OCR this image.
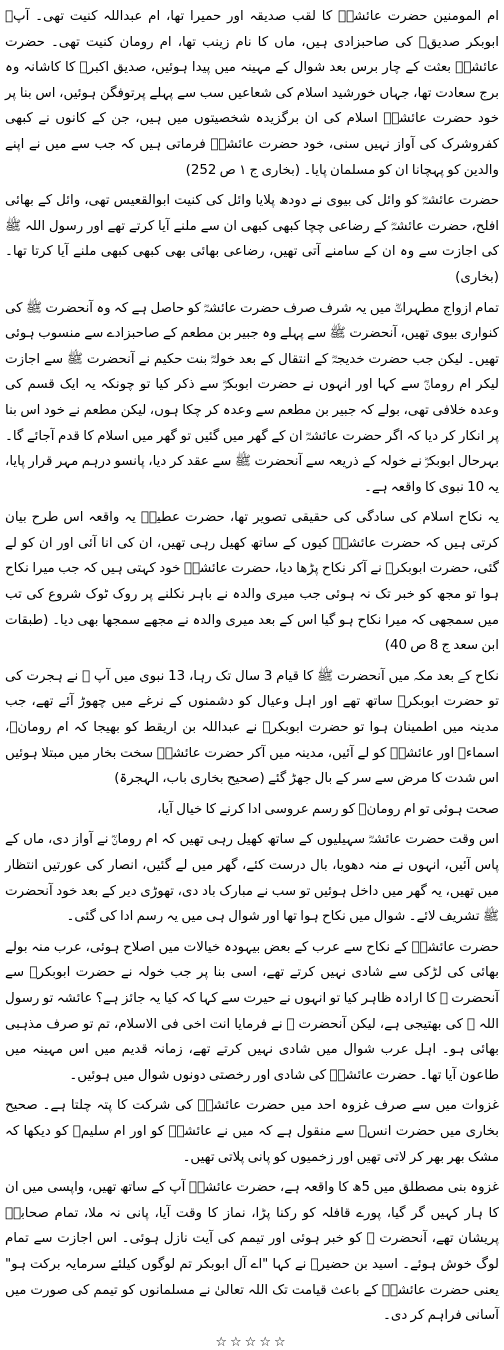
ام المومنین حضرت عائشہؓ کا لقب صدیقہ اور حمیرا تھا، ام عبداللہ کنیت تھی۔ آپؓ ابوبکر صدیقؓ کی صاحبزادی ہیں، ماں کا نام زینب تھا، ام رومان کنیت تھی۔ حضرت عائشہؓ بعثت کے چار برس بعد شوال کے مہینہ میں پیدا ہوئیں، صدیق اکبرؓ کا کاشانہ وہ برج سعادت تھا، جہاں خورشید اسلام کی شعاعیں سب سے پہلے پرتوفگن ہوئیں، اس بنا پر خود حضرت عائشہؓ اسلام کی ان برگزیدہ شخصیتوں میں ہیں، جن کے کانوں نے کبھی کفروشرک کی آواز نہیں سنی، خود حضرت عائشہؓ فرماتی ہیں کہ جب سے میں نے اپنے والدین کو پہچانا ان کو مسلمان پایا۔ (بخاری ج ۱ ص 252)

حضرت عائشہؓ کو وائل کی بیوی نے دودھ پلایا وائل کی کنیت ابوالقعیس تھی، وائل کے بھائی افلح، حضرت عائشہؓ کے رضاعی چچا کبھی کبھی ان سے ملنے آیا کرتے تھے اور رسول اللہ ﷺ کی اجازت سے وہ ان کے سامنے آتی تھیں، رضاعی بھائی بھی کبھی کبھی ملنے آیا کرتا تھا۔ (بخاری)

تمام ازواج مطہراتؓ میں یہ شرف صرف حضرت عائشہؓ کو حاصل ہے کہ وہ آنحضرت ﷺ کی کنواری بیوی تھیں، آنحضرت ﷺ سے پہلے وہ جبیر بن مطعم کے صاحبزادے سے منسوب ہوئی تھیں۔ لیکن جب حضرت خدیجہؓ کے انتقال کے بعد خولہؓ بنت حکیم نے آنحضرت ﷺ سے اجازت لیکر ام رومانؓ سے کہا اور انہوں نے حضرت ابوبکرؓ سے ذکر کیا تو چونکہ یہ ایک قسم کی وعدہ خلافی تھی، بولے کہ جبیر بن مطعم سے وعدہ کر چکا ہوں، لیکن مطعم نے خود اس بنا پر انکار کر دیا کہ اگر حضرت عائشہؓ ان کے گھر میں گئیں تو گھر میں اسلام کا قدم آجائے گا۔ بہرحال ابوبکرؓ نے خولہ کے ذریعہ سے آنحضرت ﷺ سے عقد کر دیا، پانسو درہم مہر قرار پایا، یہ 10 نبوی کا واقعہ ہے۔

یہ نکاح اسلام کی سادگی کی حقیقی تصویر تھا، حضرت عطیہؓ یہ واقعہ اس طرح بیان کرتی ہیں کہ حضرت عائشہؓ کیوں کے ساتھ کھیل رہی تھیں، ان کی انا آئی اور ان کو لے گئی، حضرت ابوبکرؓ نے آکر نکاح پڑھا دیا، حضرت عائشہؓ خود کہتی ہیں کہ جب میرا نکاح ہوا تو مجھ کو خبر تک نہ ہوئی جب میری والدہ نے باہر نکلنے پر روک ٹوک شروع کی تب میں سمجھی کہ میرا نکاح ہو گیا اس کے بعد میری والدہ نے مجھے سمجھا بھی دیا۔ (طبقات ابن سعد ج 8 ص 40)

نکاح کے بعد مکہ میں آنحضرت ﷺ کا قیام 3 سال تک رہا، 13 نبوی میں آپ ﷺ نے ہجرت کی تو حضرت ابوبکرؓ ساتھ تھے اور اہل وعیال کو دشمنوں کے نرغے میں چھوڑ آئے تھے، جب مدینہ میں اطمینان ہوا تو حضرت ابوبکرؓ نے عبداللہ بن اریقط کو بھیجا کہ ام رومانؓ، اسماءؓ اور عائشہؓ کو لے آئیں، مدینہ میں آکر حضرت عائشہؓ سخت بخار میں مبتلا ہوئیں اس شدت کا مرض سے سر کے بال جھڑ گئے (صحیح بخاری باب، الہجرۃ)

صحت ہوئی تو ام رومانؓ کو رسم عروسی ادا کرنے کا خیال آیا،

اس وقت حضرت عائشہؓ سہیلیوں کے ساتھ کھیل رہی تھیں کہ ام رومانؓ نے آواز دی، ماں کے پاس آئیں، انہوں نے منہ دھویا، بال درست کئے، گھر میں لے گئیں، انصار کی عورتیں انتظار میں تھیں، یہ گھر میں داخل ہوئیں تو سب نے مبارک باد دی، تھوڑی دیر کے بعد خود آنحضرت ﷺ تشریف لائے۔ شوال میں نکاح ہوا تھا اور شوال ہی میں یہ رسم ادا کی گئی۔

حضرت عائشہؓ کے نکاح سے عرب کے بعض بیہودہ خیالات میں اصلاح ہوئی، عرب منہ بولے بھائی کی لڑکی سے شادی نہیں کرتے تھے، اسی بنا پر جب خولہ نے حضرت ابوبکرؓ سے آنحضرت ﷺ کا ارادہ ظاہر کیا تو انہوں نے حیرت سے کہا کہ کیا یہ جائز ہے؟ عائشہ تو رسول اللہ ﷺ کی بھتیجی ہے، لیکن آنحضرت ﷺ نے فرمایا انت اخی فی الاسلام، تم تو صرف مذہبی بھائی ہو۔ اہل عرب شوال میں شادی نہیں کرتے تھے، زمانہ قدیم میں اس مہینہ میں طاعون آیا تھا۔ حضرت عائشہؓ کی شادی اور رخصتی دونوں شوال میں ہوئیں۔

غزوات میں سے صرف غزوہ احد میں حضرت عائشہؓ کی شرکت کا پتہ چلتا ہے۔ صحیح بخاری میں حضرت انسؓ سے منقول ہے کہ میں نے عائشہؓ کو اور ام سلیمؓ کو دیکھا کہ مشک بھر بھر کر لاتی تھیں اور زخمیوں کو پانی پلاتی تھیں۔

غزوہ بنی مصطلق میں 5ھ کا واقعہ ہے، حضرت عائشہؓ آپ کے ساتھ تھیں، واپسی میں ان کا ہار کہیں گر گیا، پورے قافلہ کو رکنا پڑا، نماز کا وقت آیا، پانی نہ ملا، تمام صحابہؓ پریشان تھے، آنحضرت ﷺ کو خبر ہوئی اور تیمم کی آیت نازل ہوئی۔ اس اجازت سے تمام لوگ خوش ہوئے۔ اسید بن حضیرؓ نے کہا "اے آل ابوبکر تم لوگوں کیلئے سرمایہ برکت ہو" یعنی حضرت عائشہؓ کے باعث قیامت تک اللہ تعالیٰ نے مسلمانوں کو تیمم کی صورت میں آسانی فراہم کر دی۔

☆☆☆☆☆
